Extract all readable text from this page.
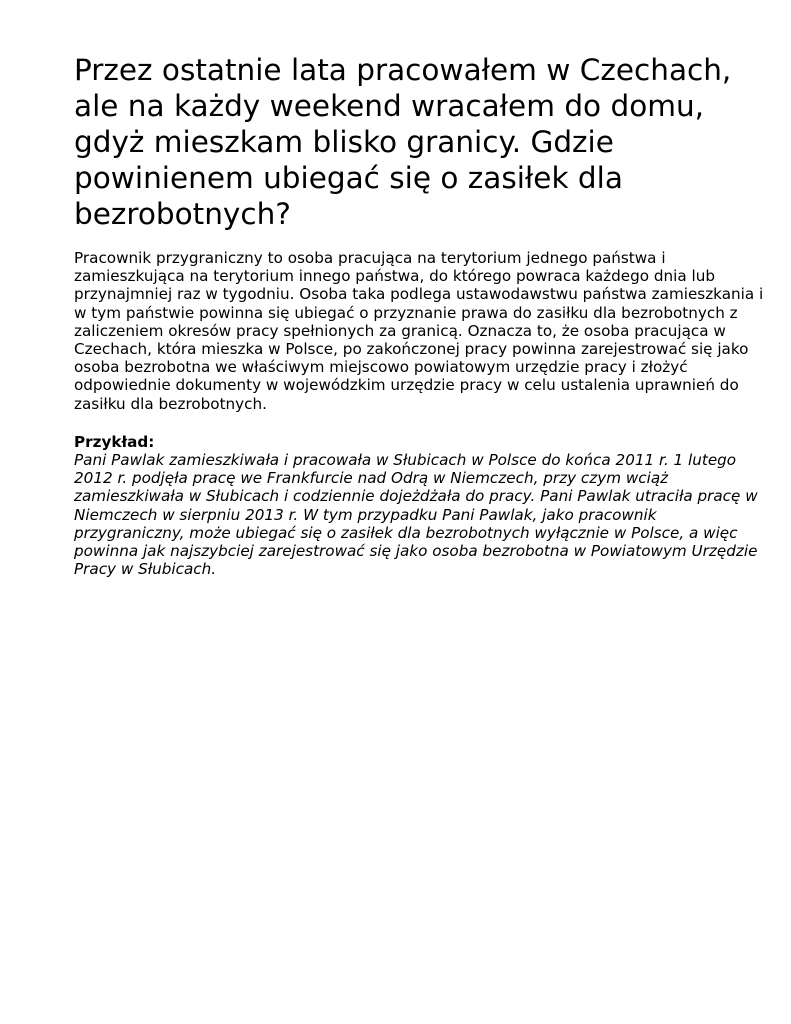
Przez ostatnie lata pracowałem w Czechach, ale na każdy weekend wracałem do domu, gdyż mieszkam blisko granicy. Gdzie powinienem ubiegać się o zasiłek dla bezrobotnych?

Pracownik przygraniczny to osoba pracująca na terytorium jednego państwa i zamieszkująca na terytorium innego państwa, do którego powraca każdego dnia lub przynajmniej raz w tygodniu. Osoba taka podlega ustawodawstwu państwa zamieszkania i w tym państwie powinna się ubiegać o przyznanie prawa do zasiłku dla bezrobotnych z zaliczeniem okresów pracy spełnionych za granicą. Oznacza to, że osoba pracująca w Czechach, która mieszka w Polsce, po zakończonej pracy powinna zarejestrować się jako osoba bezrobotna we właściwym miejscowo powiatowym urzędzie pracy i złożyć odpowiednie dokumenty w wojewódzkim urzędzie pracy w celu ustalenia uprawnień do zasiłku dla bezrobotnych.

Przykład:
Pani Pawlak zamieszkiwała i pracowała w Słubicach w Polsce do końca 2011 r. 1 lutego 2012 r. podjęła pracę we Frankfurcie nad Odrą w Niemczech, przy czym wciąż zamieszkiwała w Słubicach i codziennie dojeżdżała do pracy. Pani Pawlak utraciła pracę w Niemczech w sierpniu 2013 r. W tym przypadku Pani Pawlak, jako pracownik przygraniczny, może ubiegać się o zasiłek dla bezrobotnych wyłącznie w Polsce, a więc powinna jak najszybciej zarejestrować się jako osoba bezrobotna w Powiatowym Urzędzie Pracy w Słubicach.
